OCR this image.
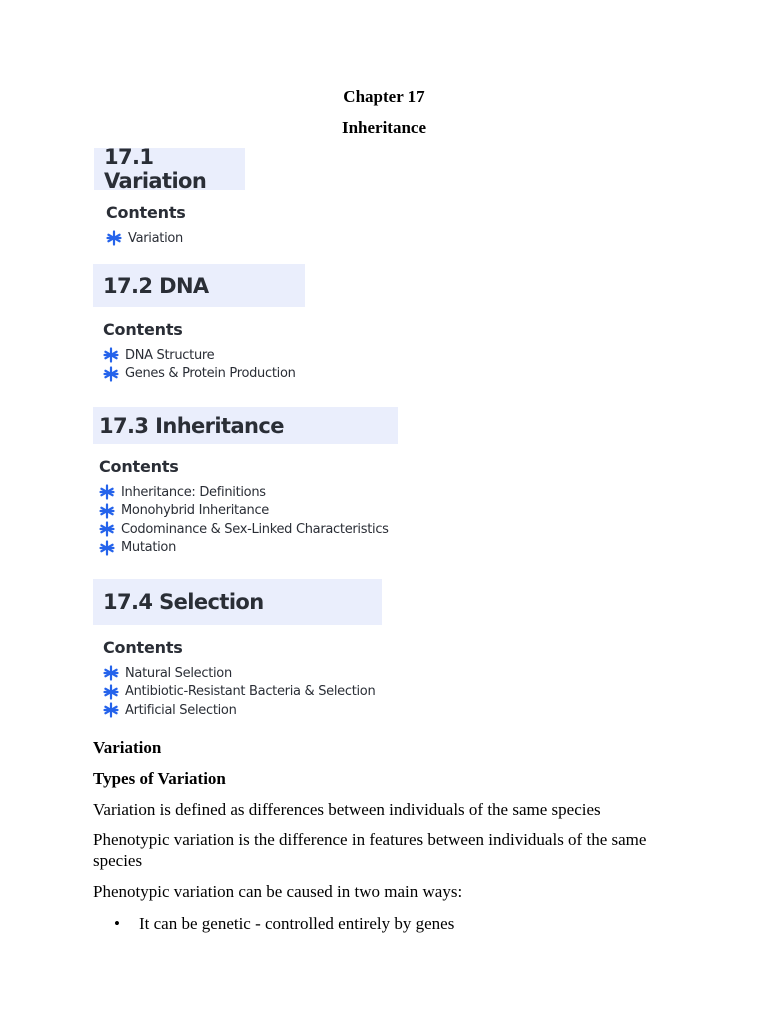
Chapter 17
Inheritance
17.1 Variation
Contents
Variation
17.2 DNA
Contents
DNA Structure
Genes & Protein Production
17.3 Inheritance
Contents
Inheritance: Definitions
Monohybrid Inheritance
Codominance & Sex-Linked Characteristics
Mutation
17.4 Selection
Contents
Natural Selection
Antibiotic-Resistant Bacteria & Selection
Artificial Selection
Variation
Types of Variation
Variation is defined as differences between individuals of the same species
Phenotypic variation is the difference in features between individuals of the same species
Phenotypic variation can be caused in two main ways:
•	It can be genetic - controlled entirely by genes
